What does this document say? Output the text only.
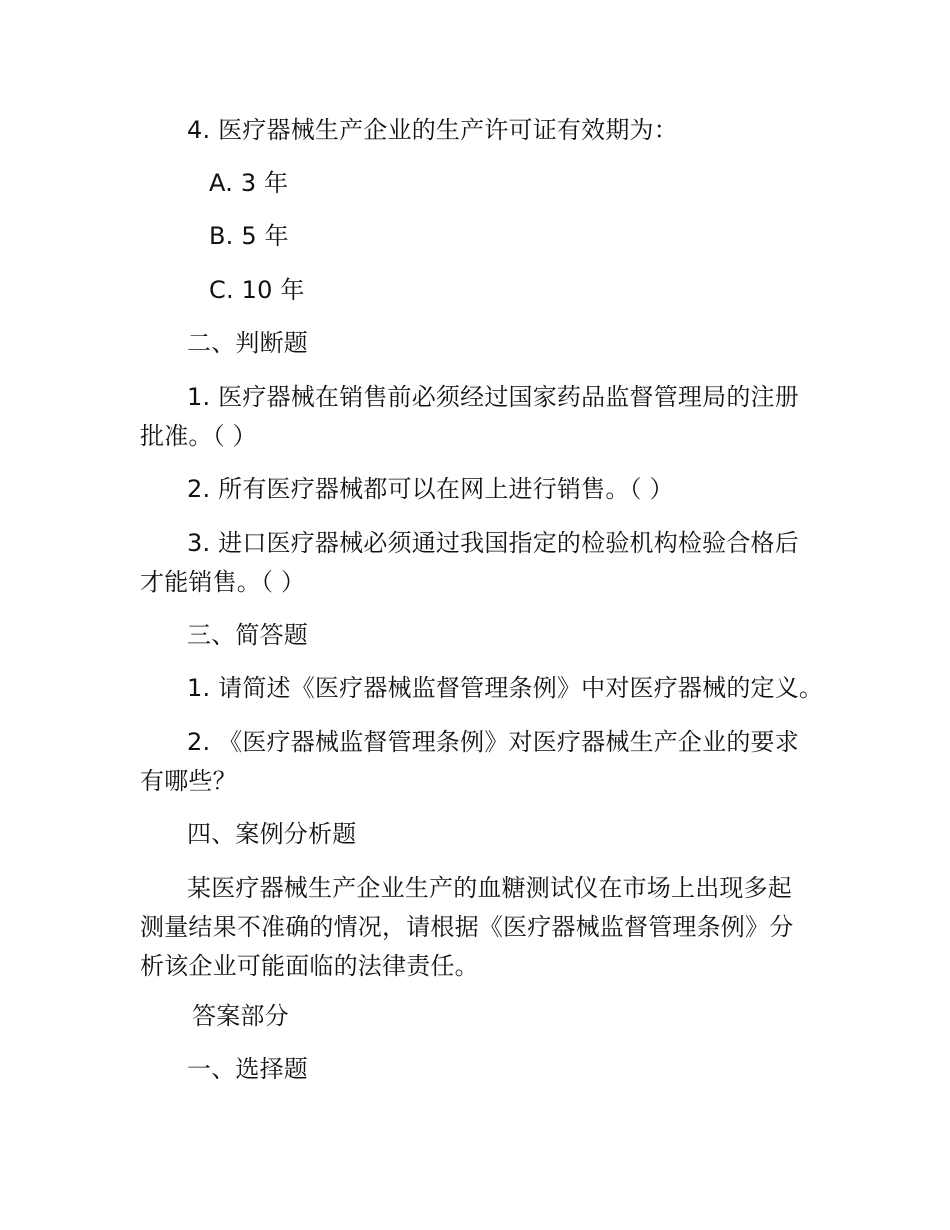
4. 医疗器械生产企业的生产许可证有效期为：
A. 3 年
B. 5 年
C. 10 年
二、判断题
1. 医疗器械在销售前必须经过国家药品监督管理局的注册
批准。（ ）
2. 所有医疗器械都可以在网上进行销售。（ ）
3. 进口医疗器械必须通过我国指定的检验机构检验合格后
才能销售。（ ）
三、简答题
1. 请简述《医疗器械监督管理条例》中对医疗器械的定义。
2. 《医疗器械监督管理条例》对医疗器械生产企业的要求
有哪些？
四、案例分析题
某医疗器械生产企业生产的血糖测试仪在市场上出现多起
测量结果不准确的情况，请根据《医疗器械监督管理条例》分
析该企业可能面临的法律责任。
答案部分
一、选择题
